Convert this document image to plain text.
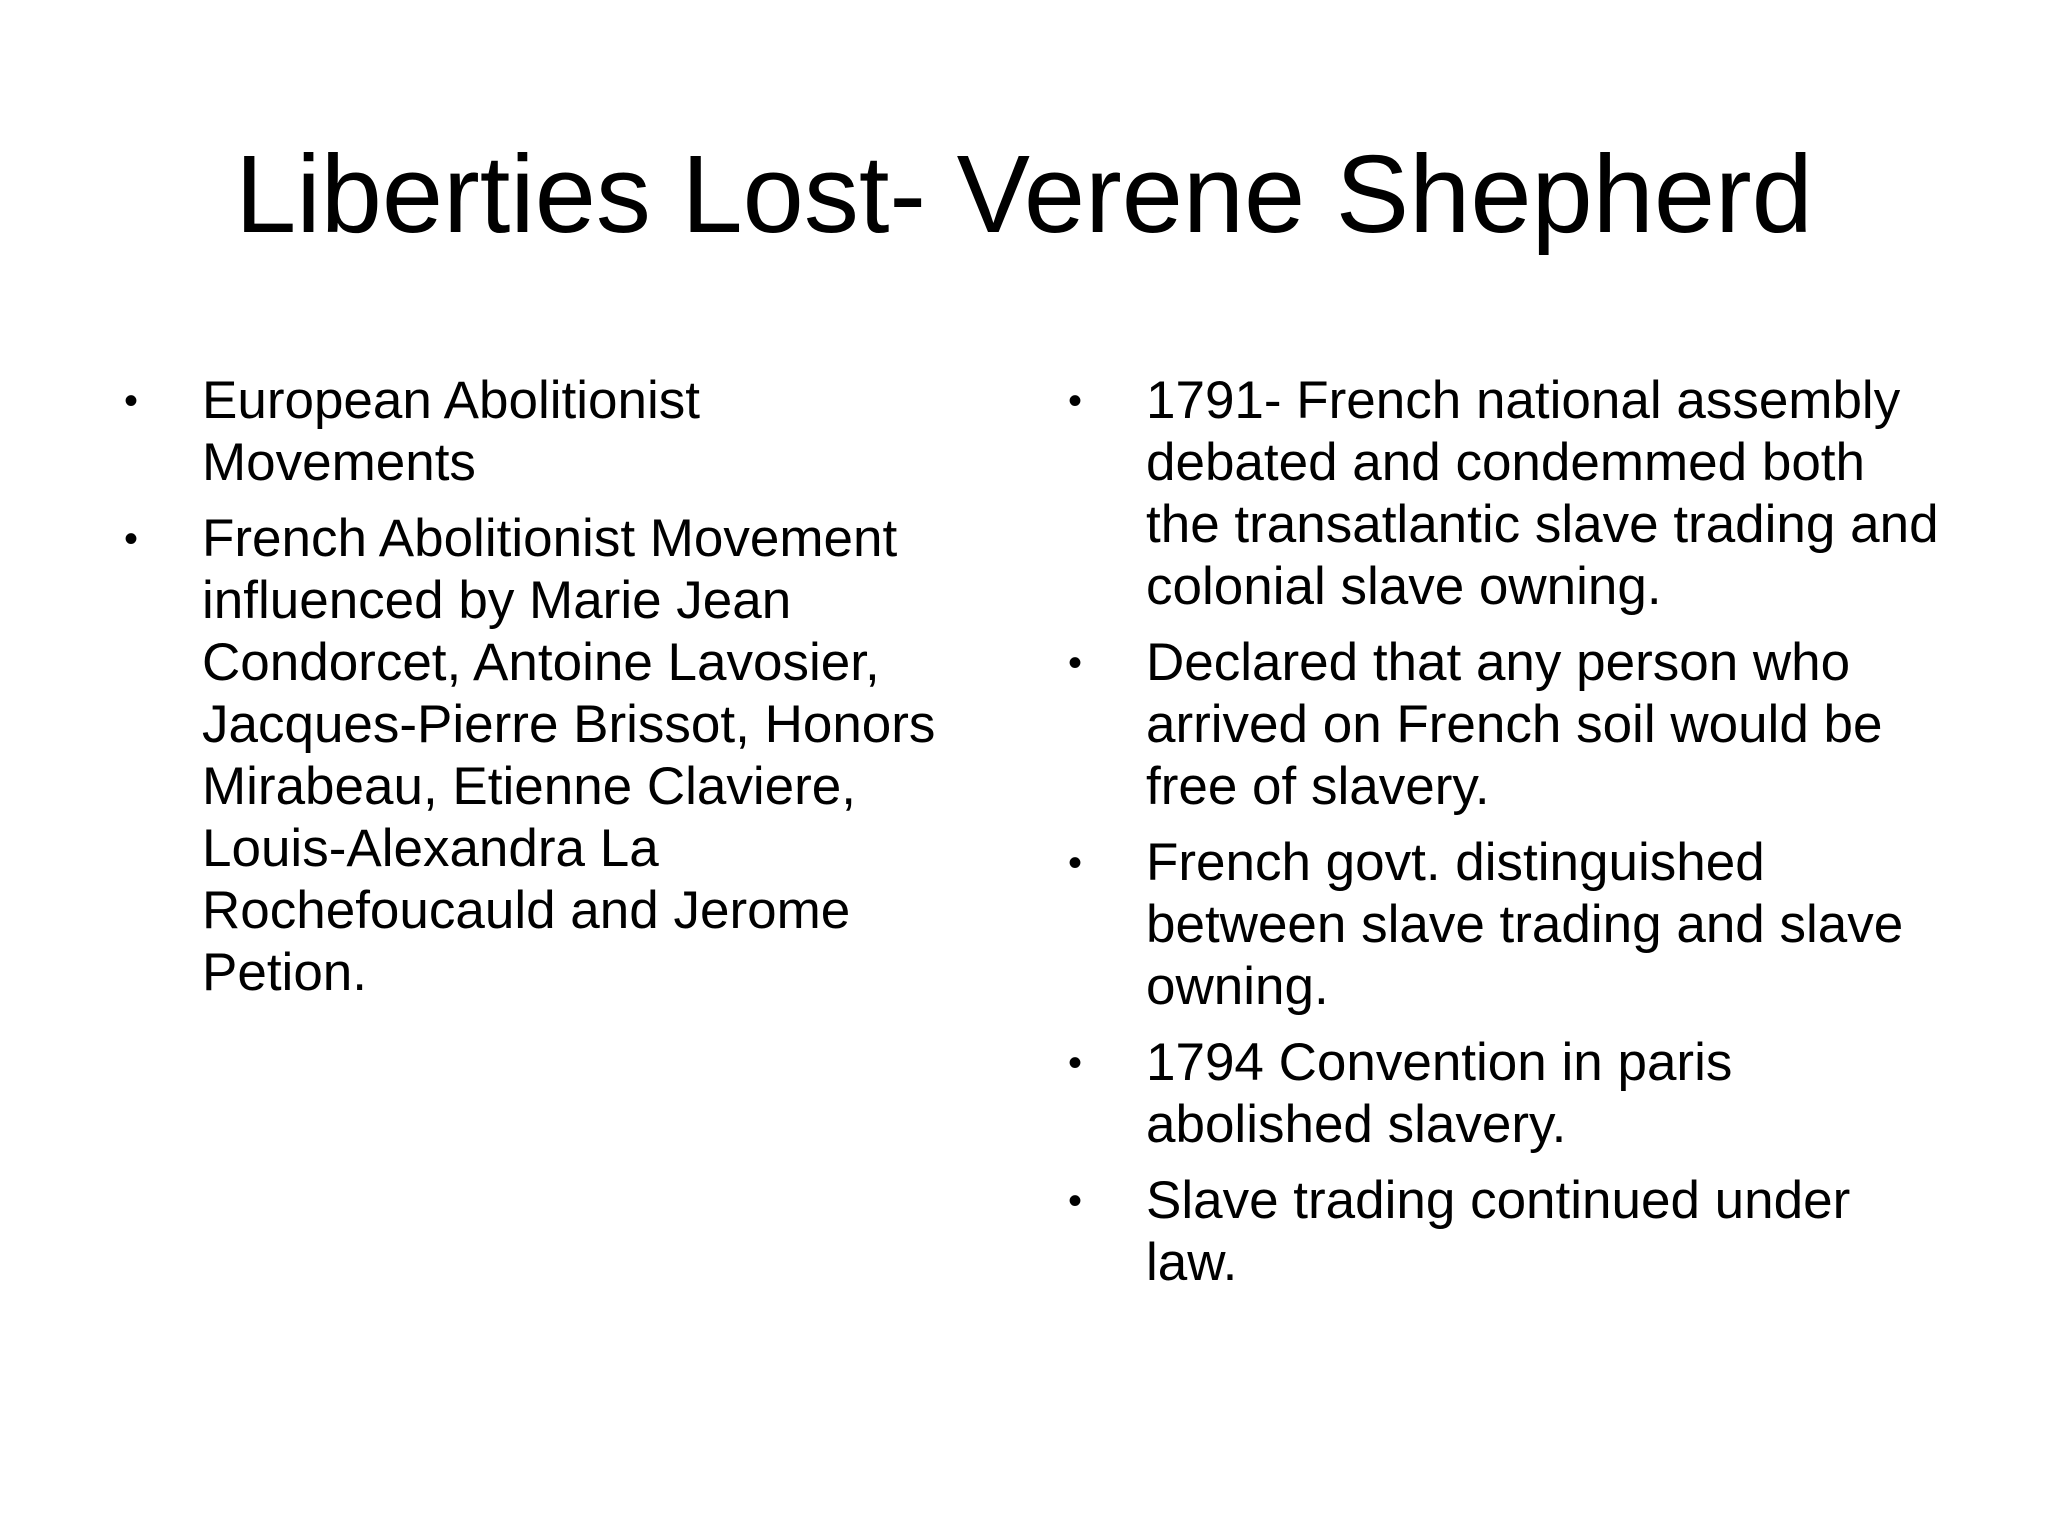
Liberties Lost- Verene Shepherd
•	European Abolitionist Movements
•	French Abolitionist Movement influenced by Marie Jean Condorcet, Antoine Lavosier, Jacques-Pierre Brissot, Honors Mirabeau, Etienne Claviere, Louis-Alexandra La Rochefoucauld and Jerome Petion.
•	1791- French national assembly debated and condemmed both the transatlantic slave trading and colonial slave owning.
•	Declared that any person who arrived on French soil would be free of slavery.
•	French govt. distinguished between slave trading and slave owning.
•	1794 Convention in paris abolished slavery.
•	Slave trading continued under law.
